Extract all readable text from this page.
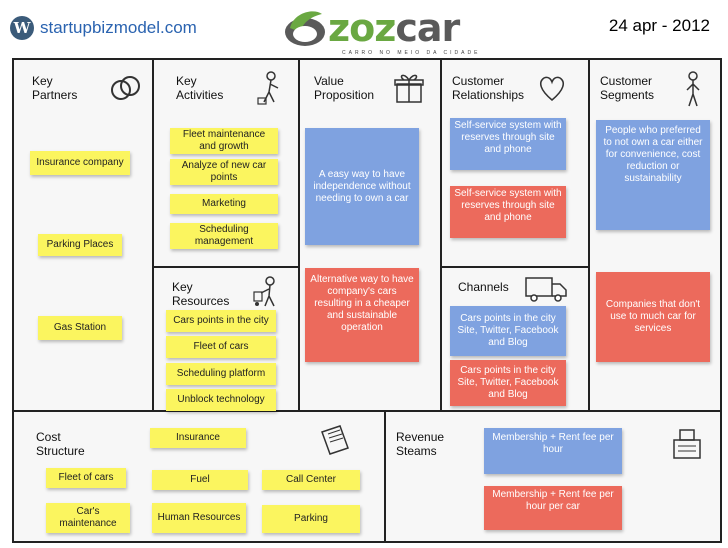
W startupbizmodel.com	zozcar
CARRO NO MEIO DA CIDADE
24 apr - 2012
Key
Partners
Insurance company
Parking Places
Gas Station
Key
Activities
Fleet maintenance and growth
Analyze of new car points
Marketing
Scheduling management
Key
Resources
Cars points in the city
Fleet of cars
Scheduling platform
Unblock technology
Value
Proposition
A easy way to have independence without needing to own a car
Alternative way to have company's cars resulting in a cheaper and sustainable operation
Customer
Relationships
Self-service system with reserves through site and phone
Self-service system with reserves through site and phone
Channels
Cars points in the city Site, Twitter, Facebook and Blog
Cars points in the city Site, Twitter, Facebook and Blog
Customer
Segments
People who preferred to not own a car either for convenience, cost reduction or sustainability
Companies that don't use to much car for services
Cost
Structure
Insurance
Fleet of cars	Fuel	Call Center
Car's maintenance
Human Resources	Parking
Revenue
Steams
Membership + Rent fee per hour
Membership + Rent fee per hour per car
